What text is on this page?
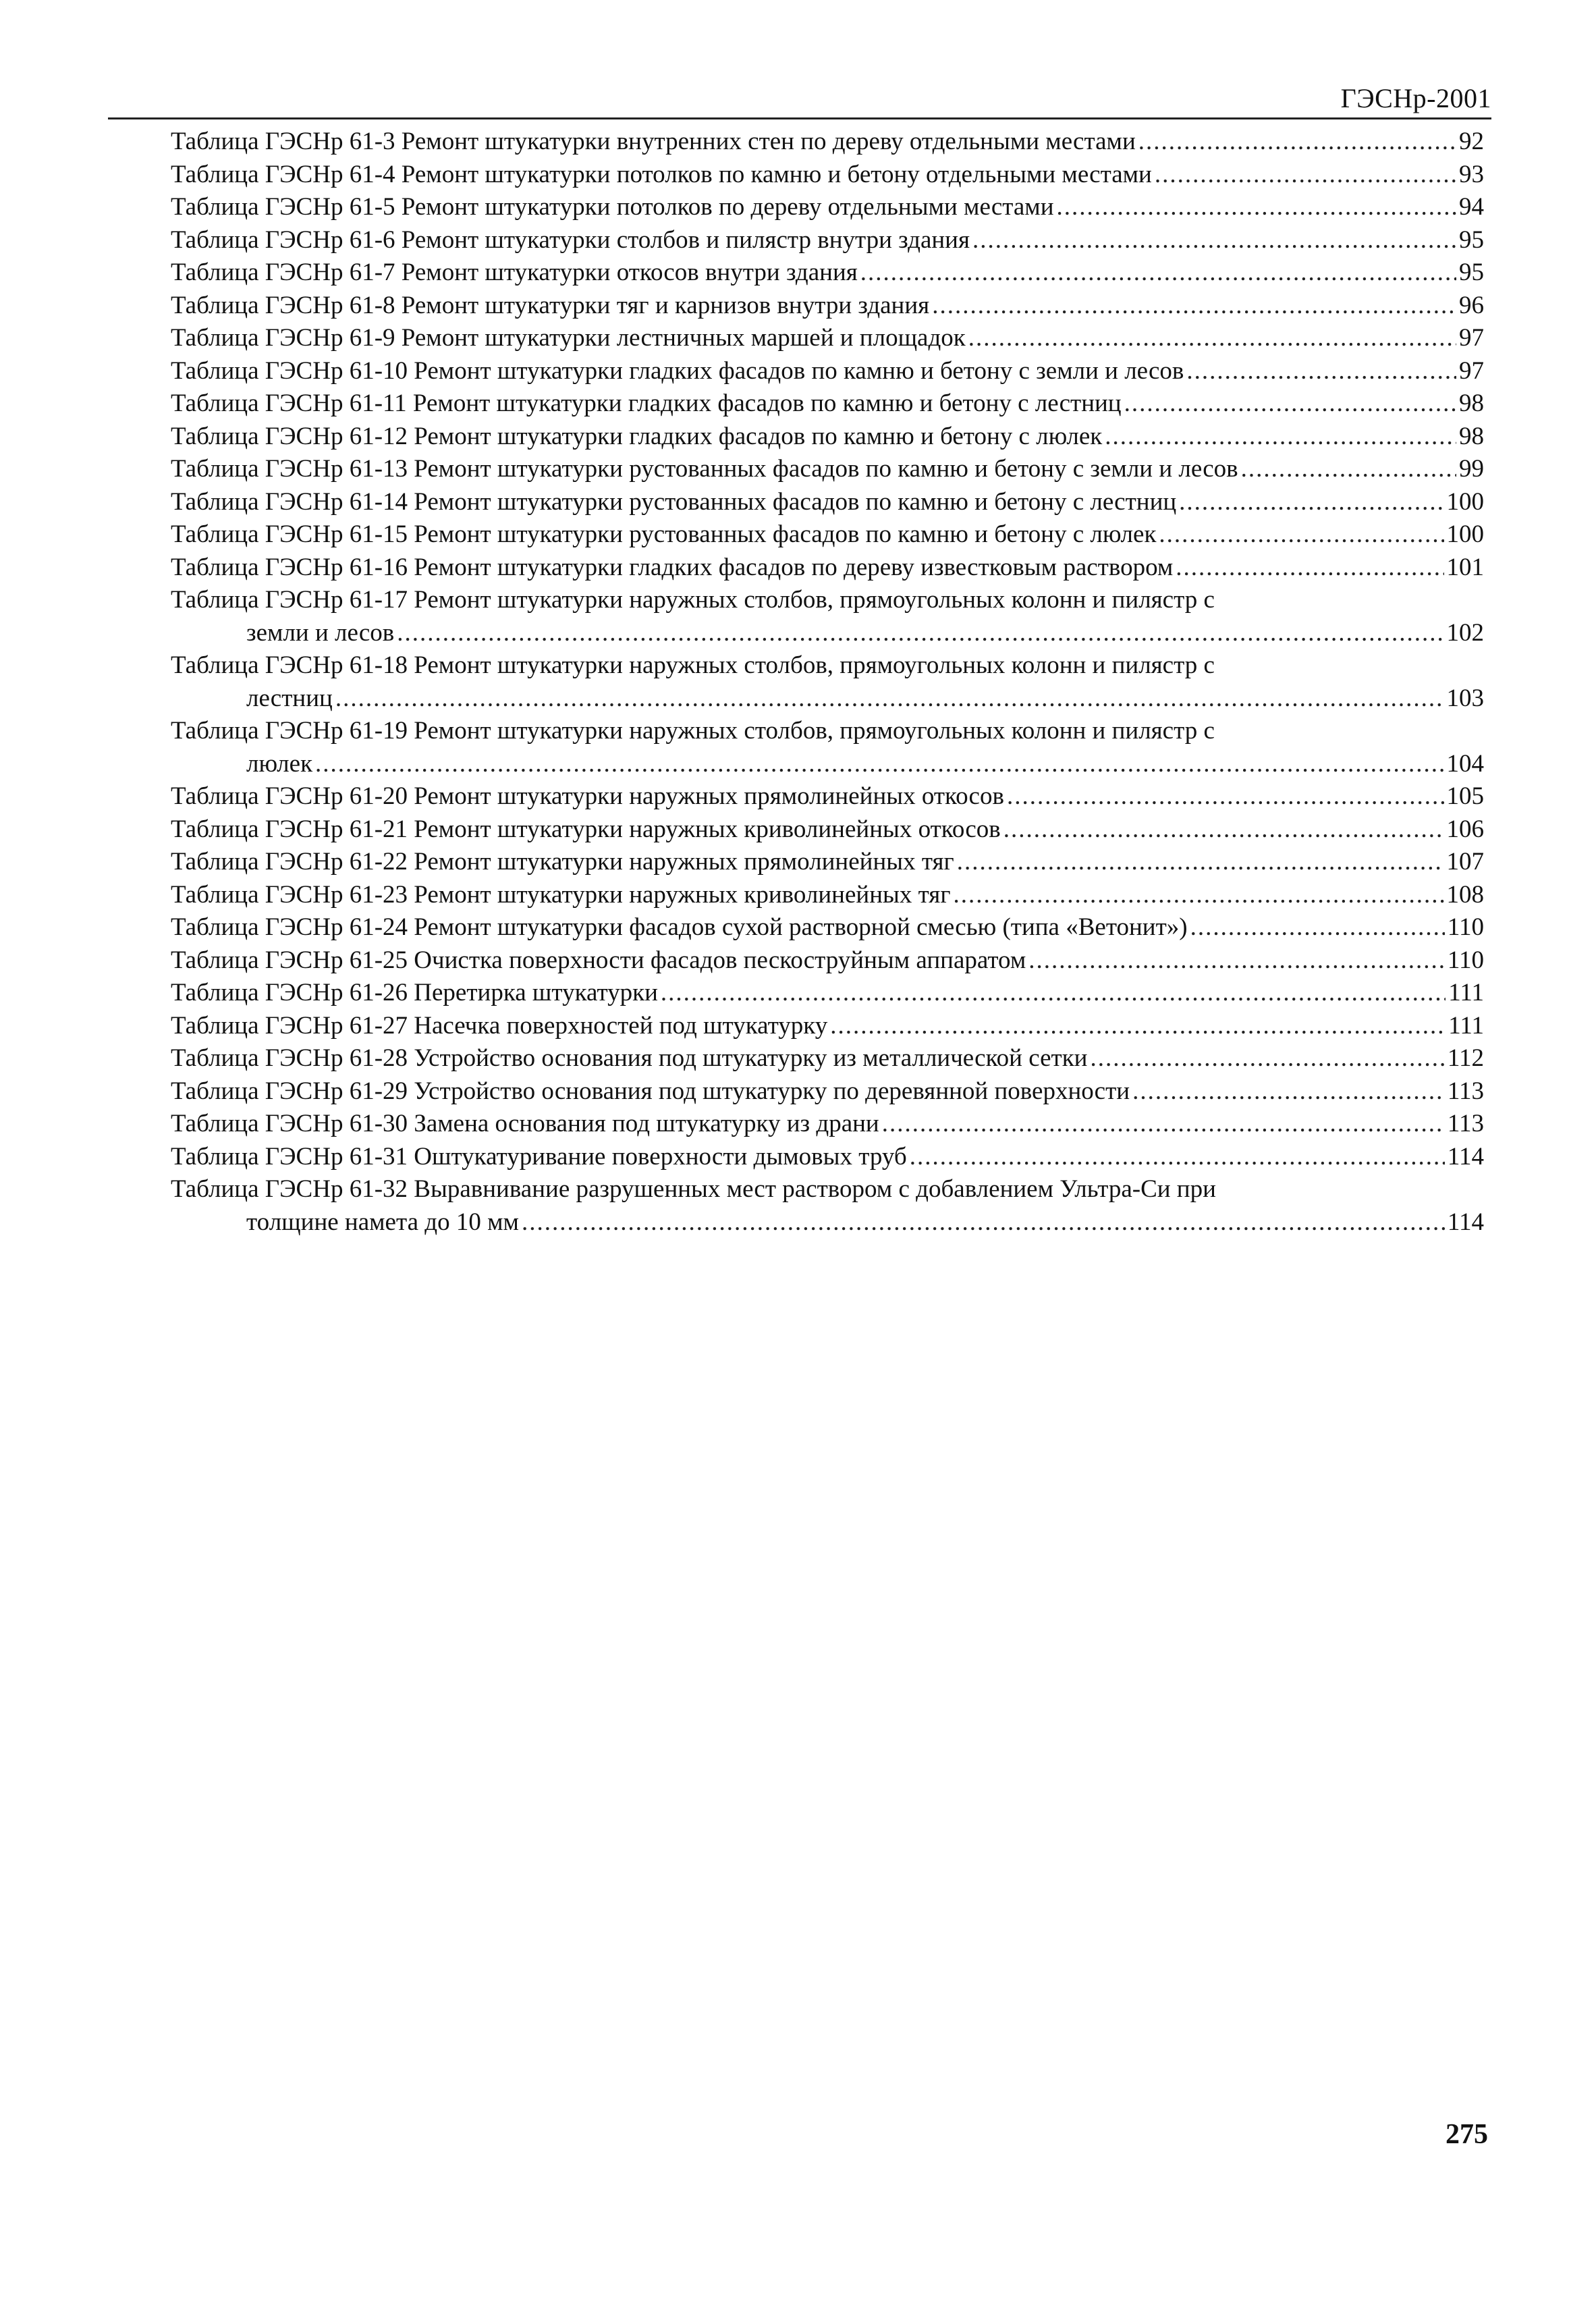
ГЭСНр-2001
Таблица ГЭСНр 61-3 Ремонт штукатурки внутренних стен по дереву отдельными местами .....	92
Таблица ГЭСНр 61-4 Ремонт штукатурки потолков по камню и бетону отдельными местами .....	93
Таблица ГЭСНр 61-5 Ремонт штукатурки потолков по дереву отдельными местами .....	94
Таблица ГЭСНр 61-6 Ремонт штукатурки столбов и пилястр внутри здания .....	95
Таблица ГЭСНр 61-7 Ремонт штукатурки откосов внутри здания .....	95
Таблица ГЭСНр 61-8 Ремонт штукатурки тяг и карнизов внутри здания .....	96
Таблица ГЭСНр 61-9 Ремонт штукатурки лестничных маршей и площадок .....	97
Таблица ГЭСНр 61-10 Ремонт штукатурки гладких фасадов по камню и бетону с земли и лесов .....	97
Таблица ГЭСНр 61-11 Ремонт штукатурки гладких фасадов по камню и бетону с лестниц .....	98
Таблица ГЭСНр 61-12 Ремонт штукатурки гладких фасадов по камню и бетону с люлек .....	98
Таблица ГЭСНр 61-13 Ремонт штукатурки рустованных фасадов по камню и бетону с земли и лесов .....	99
Таблица ГЭСНр 61-14 Ремонт штукатурки рустованных фасадов по камню и бетону с лестниц .....	100
Таблица ГЭСНр 61-15 Ремонт штукатурки рустованных фасадов по камню и бетону с люлек .....	100
Таблица ГЭСНр 61-16 Ремонт штукатурки гладких фасадов по дереву известковым раствором .....	101
Таблица ГЭСНр 61-17 Ремонт штукатурки наружных столбов, прямоугольных колонн и пилястр с
земли и лесов .....	102
Таблица ГЭСНр 61-18 Ремонт штукатурки наружных столбов, прямоугольных колонн и пилястр с
лестниц .....	103
Таблица ГЭСНр 61-19 Ремонт штукатурки наружных столбов, прямоугольных колонн и пилястр с
люлек .....	104
Таблица ГЭСНр 61-20 Ремонт штукатурки наружных прямолинейных откосов .....	105
Таблица ГЭСНр 61-21 Ремонт штукатурки наружных криволинейных откосов .....	106
Таблица ГЭСНр 61-22 Ремонт штукатурки наружных прямолинейных тяг .....	107
Таблица ГЭСНр 61-23 Ремонт штукатурки наружных криволинейных тяг .....	108
Таблица ГЭСНр 61-24 Ремонт штукатурки фасадов сухой растворной смесью (типа «Ветонит») .....	110
Таблица ГЭСНр 61-25 Очистка поверхности фасадов пескоструйным аппаратом .....	110
Таблица ГЭСНр 61-26 Перетирка штукатурки .....	111
Таблица ГЭСНр 61-27 Насечка поверхностей под штукатурку .....	111
Таблица ГЭСНр 61-28 Устройство основания под штукатурку из металлической сетки .....	112
Таблица ГЭСНр 61-29 Устройство основания под штукатурку по деревянной поверхности .....	113
Таблица ГЭСНр 61-30 Замена основания под штукатурку из драни .....	113
Таблица ГЭСНр 61-31 Оштукатуривание поверхности дымовых труб .....	114
Таблица ГЭСНр 61-32 Выравнивание разрушенных мест раствором с добавлением Ультра-Си при
толщине намета до 10 мм .....	114
275
